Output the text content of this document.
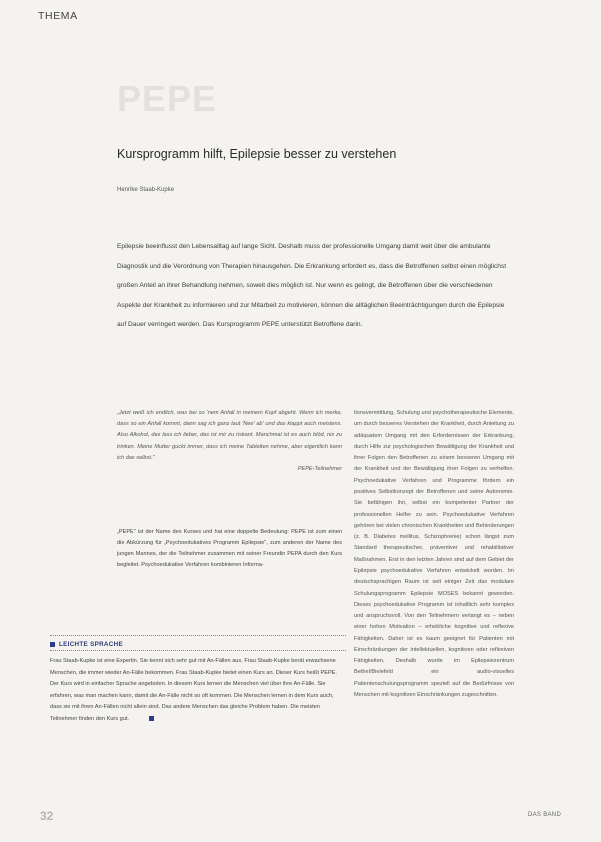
THEMA
PEPE
Kursprogramm hilft, Epilepsie besser zu verstehen
Henrike Staab-Kupke
Epilepsie beeinflusst den Lebensalltag auf lange Sicht. Deshalb muss der professionelle Umgang damit weit über die ambulante Diagnostik und die Verordnung von Therapien hinausgehen. Die Erkrankung erfordert es, dass die Betroffenen selbst einen möglichst großen Anteil an ihrer Behandlung nehmen, soweit dies möglich ist. Nur wenn es gelingt, die Betroffenen über die verschiedenen Aspekte der Krankheit zu informieren und zur Mitarbeit zu motivieren, können die alltäglichen Beeinträchtigungen durch die Epilepsie auf Dauer verringert werden. Das Kursprogramm PEPE unterstützt Betroffene darin.
„Jetzt weiß ich endlich, was bei so 'nem Anfall in meinem Kopf abgeht. Wenn ich merke, dass so ein Anfall kommt, dann sag ich ganz laut 'Nee' ab' und das klappt auch meistens. Also Alkohol, das lass ich lieber, das ist mir zu riskant. Manchmal ist es auch blöd, nix zu trinken. Meine Mutter guckt immer, dass ich meine Tabletten nehme, aber eigentlich kann ich das selbst."
PEPE-Teilnehmer
„PEPE" ist der Name des Kurses und hat eine doppelte Bedeutung: PEPE ist zum einen die Abkürzung für „Psychoedukatives Programm Epilepsie", zum anderen der Name des jungen Mannes, der die Teilnehmer zusammen mit seiner Freundin PEPA durch den Kurs begleitet. Psychoedukative Verfahren kombinieren Informa-
tionsvermittlung, Schulung und psychotherapeutische Elemente, um durch besseres Verstehen der Krankheit, durch Anleitung zu adäquatem Umgang mit den Erfordernissen der Erkrankung, durch Hilfe zur psychologischen Bewältigung der Krankheit und ihrer Folgen den Betroffenen zu einem besseren Umgang mit der Krankheit und der Bewältigung ihrer Folgen zu verhelfen. Psychoedukative Verfahren und Programme fördern ein positives Selbstkonzept der Betroffenen und seine Autonomie. Sie befähigen ihn, selbst ein kompetenter Partner der professionellen Helfer zu sein. Psychoedukative Verfahren gehören bei vielen chronischen Krankheiten und Behinderungen (z. B. Diabetes mellitus, Schizophrenie) schon längst zum Standard therapeutischer, präventiver und rehabilitativer Maßnahmen. Erst in den letzten Jahren sind auf dem Gebiet der Epilepsie psychoedukative Verfahren entwickelt worden. Im deutschsprachigen Raum ist seit einiger Zeit das modulare Schulungsprogramm Epilepsie MOSES bekannt geworden. Dieses psychoedukative Programm ist inhaltlich sehr komplex und anspruchsvoll. Von den Teilnehmern verlangt es – neben einer hohen Motivation – erhebliche kognitive und reflexive Fähigkeiten. Daher ist es kaum geeignet für Patienten mit Einschränkungen der intellektuellen, kognitiven oder reflexiven Fähigkeiten. Deshalb wurde im Epilepsiezentrum Bethel/Bielefeld ein audio-visuelles Patientenschulungsprogramm speziell auf die Bedürfnisse von Menschen mit kognitiven Einschränkungen zugeschnitten.
LEICHTE SPRACHE
Frau Staab-Kupke ist eine Expertin. Sie kennt sich sehr gut mit An-Fällen aus. Frau Staab-Kupke berät erwachsene Menschen, die immer wieder An-Fälle bekommen. Frau Staab-Kupke bietet einen Kurs an. Dieser Kurs heißt PEPE. Der Kurs wird in einfacher Sprache angeboten. In diesem Kurs lernen die Menschen viel über ihre An-Fälle. Sie erfahren, was man machen kann, damit die An-Fälle nicht so oft kommen. Die Menschen lernen in dem Kurs auch, dass sie mit ihren An-Fällen nicht allein sind. Das andere Menschen das gleiche Problem haben. Die meisten Teilnehmer finden den Kurs gut.
32	DAS BAND
